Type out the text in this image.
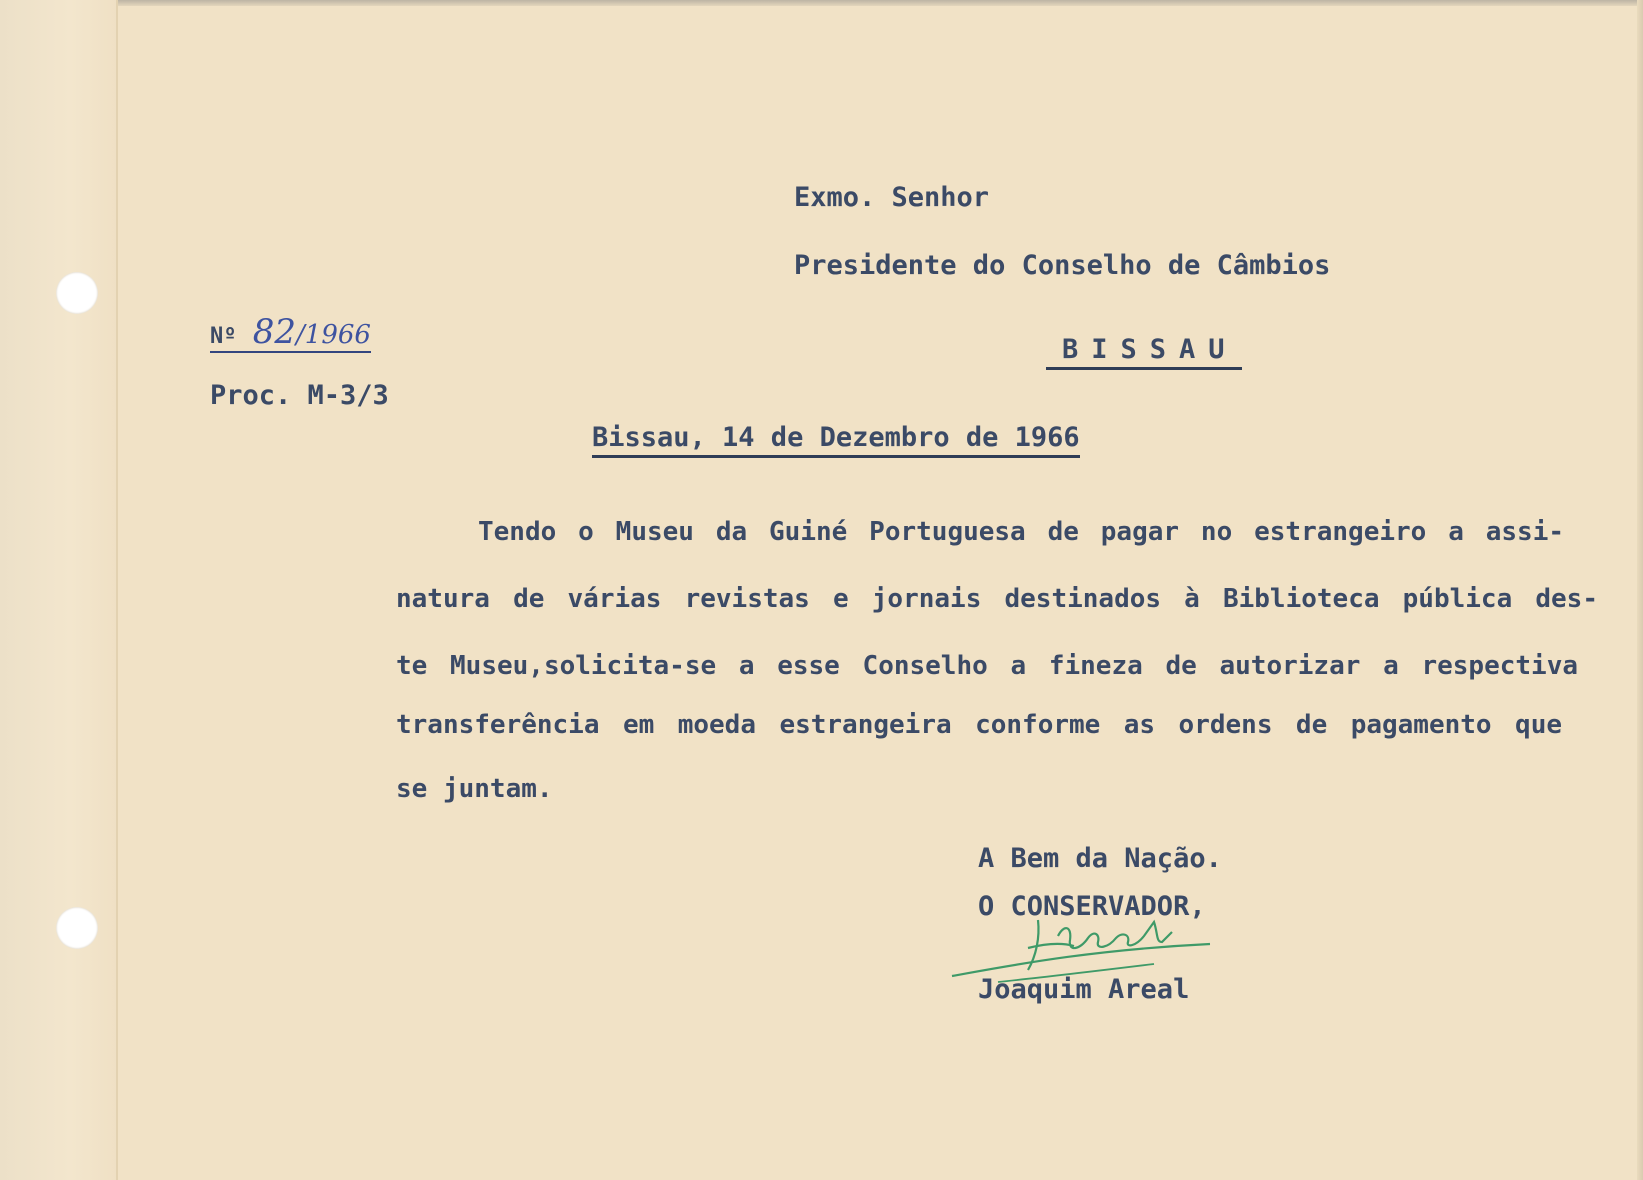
Exmo. Senhor

Presidente do Conselho de Câmbios

BISSAU

Nº 82/1966

Proc. M-3/3

Bissau, 14 de Dezembro de 1966

Tendo o Museu da Guiné Portuguesa de pagar no estrangeiro a assi-
natura de várias revistas e jornais destinados à Biblioteca pública des-
te Museu,solicita-se a esse Conselho a fineza de autorizar a respectiva
transferência em moeda estrangeira conforme as ordens de pagamento que
se juntam.

A Bem da Nação.

O CONSERVADOR,

Joaquim Areal
